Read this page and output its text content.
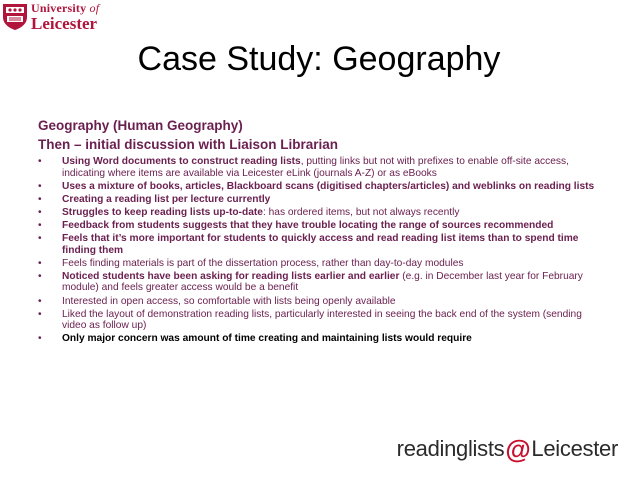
University of
Leicester
Case Study: Geography
Geography (Human Geography)
Then – initial discussion with Liaison Librarian
• Using Word documents to construct reading lists, putting links but not with prefixes to enable off-site access, indicating where items are available via Leicester eLink (journals A-Z) or as eBooks
• Uses a mixture of books, articles, Blackboard scans (digitised chapters/articles) and weblinks on reading lists
• Creating a reading list per lecture currently
• Struggles to keep reading lists up-to-date: has ordered items, but not always recently
• Feedback from students suggests that they have trouble locating the range of sources recommended
• Feels that it’s more important for students to quickly access and read reading list items than to spend time finding them
• Feels finding materials is part of the dissertation process, rather than day-to-day modules
• Noticed students have been asking for reading lists earlier and earlier (e.g. in December last year for February module) and feels greater access would be a benefit
• Interested in open access, so comfortable with lists being openly available
• Liked the layout of demonstration reading lists, particularly interested in seeing the back end of the system (sending video as follow up)
• Only major concern was amount of time creating and maintaining lists would require
readinglists @ Leicester
